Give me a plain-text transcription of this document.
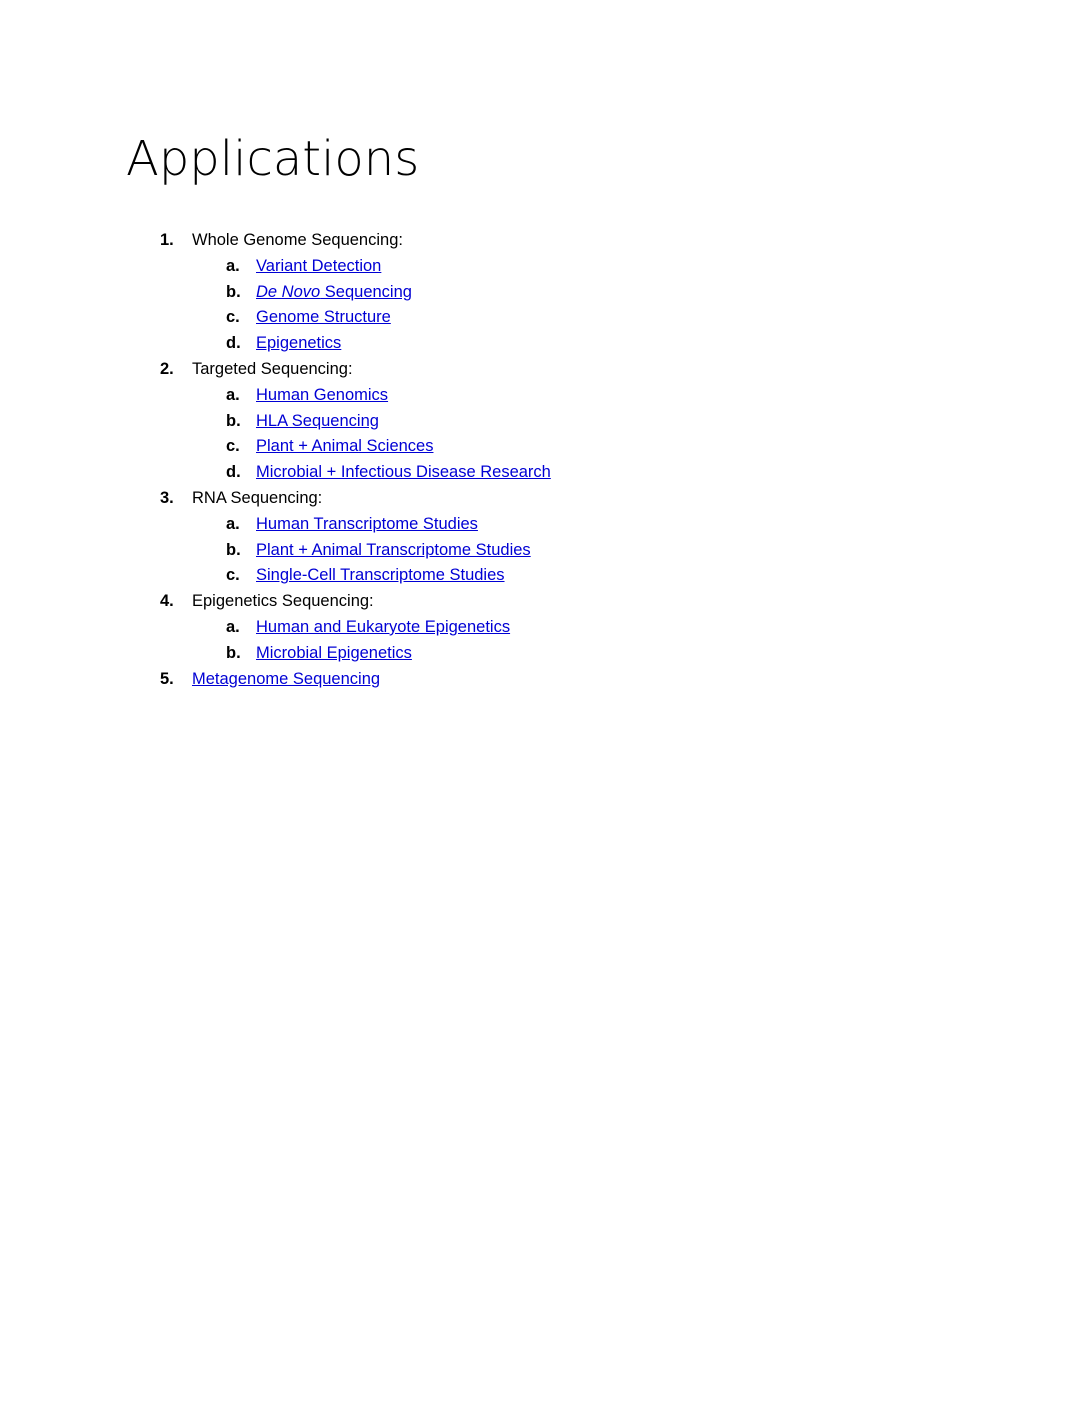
Applications
1.	Whole Genome Sequencing:
a. Variant Detection
b. De Novo Sequencing
c. Genome Structure
d. Epigenetics
2.	Targeted Sequencing:
a. Human Genomics
b. HLA Sequencing
c. Plant + Animal Sciences
d. Microbial + Infectious Disease Research
3.	RNA Sequencing:
a. Human Transcriptome Studies
b. Plant + Animal Transcriptome Studies
c. Single-Cell Transcriptome Studies
4.	Epigenetics Sequencing:
a. Human and Eukaryote Epigenetics
b. Microbial Epigenetics
5.	Metagenome Sequencing
